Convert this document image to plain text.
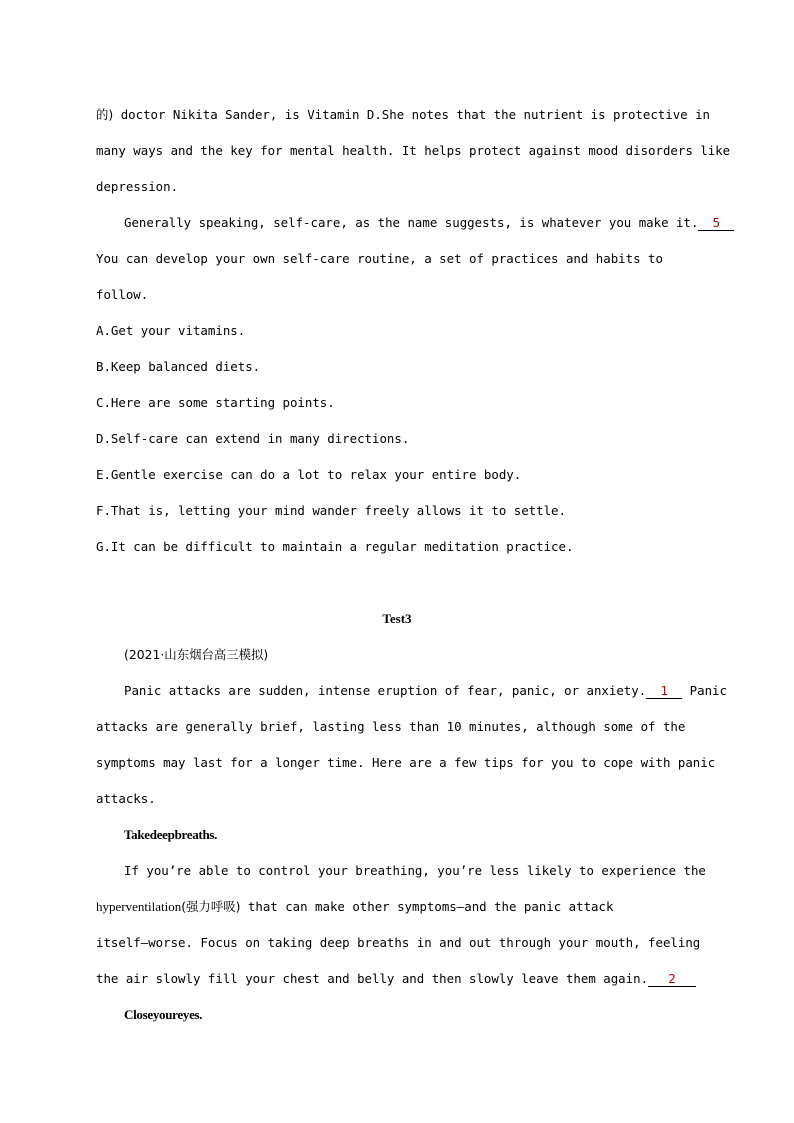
的) doctor Nikita Sander, is Vitamin D.She notes that the nutrient is protective in
many ways and the key for mental health. It helps protect against mood disorders like
depression.
Generally speaking, self-care, as the name suggests, is whatever you make it. 5
You can develop your own self-care routine, a set of practices and habits to
follow.
A.Get your vitamins.
B.Keep balanced diets.
C.Here are some starting points.
D.Self-care can extend in many directions.
E.Gentle exercise can do a lot to relax your entire body.
F.That is, letting your mind wander freely allows it to settle.
G.It can be difficult to maintain a regular meditation practice.
Test3
(2021·山东烟台高三模拟)
Panic attacks are sudden, intense eruption of fear, panic, or anxiety. 1 Panic
attacks are generally brief, lasting less than 10 minutes, although some of the
symptoms may last for a longer time. Here are a few tips for you to cope with panic
attacks.
Takedeepbreaths.
If you’re able to control your breathing, you’re less likely to experience the
hyperventilation(强力呼吸) that can make other symptoms—and the panic attack
itself—worse. Focus on taking deep breaths in and out through your mouth, feeling
the air slowly fill your chest and belly and then slowly leave them again. 2
Closeyoureyes.
